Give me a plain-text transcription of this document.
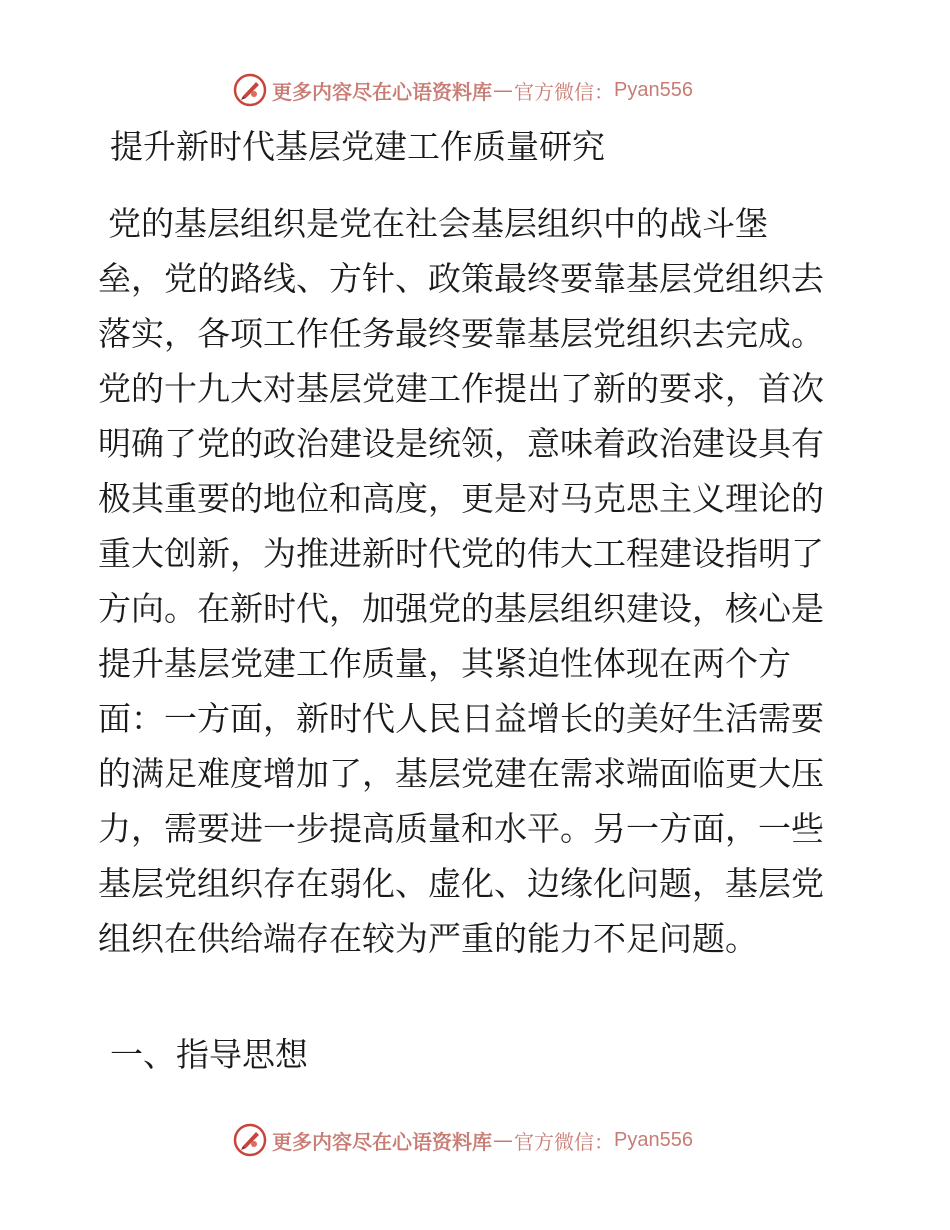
更多内容尽在心语资料库 — 官方微信： Pyan556
提升新时代基层党建工作质量研究
党的基层组织是党在社会基层组织中的战斗堡
垒，党的路线、方针、政策最终要靠基层党组织去
落实，各项工作任务最终要靠基层党组织去完成。
党的十九大对基层党建工作提出了新的要求，首次
明确了党的政治建设是统领，意味着政治建设具有
极其重要的地位和高度，更是对马克思主义理论的
重大创新，为推进新时代党的伟大工程建设指明了
方向。在新时代，加强党的基层组织建设，核心是
提升基层党建工作质量，其紧迫性体现在两个方
面：一方面，新时代人民日益增长的美好生活需要
的满足难度增加了，基层党建在需求端面临更大压
力，需要进一步提高质量和水平。另一方面，一些
基层党组织存在弱化、虚化、边缘化问题，基层党
组织在供给端存在较为严重的能力不足问题。
一、指导思想
更多内容尽在心语资料库 — 官方微信： Pyan556
